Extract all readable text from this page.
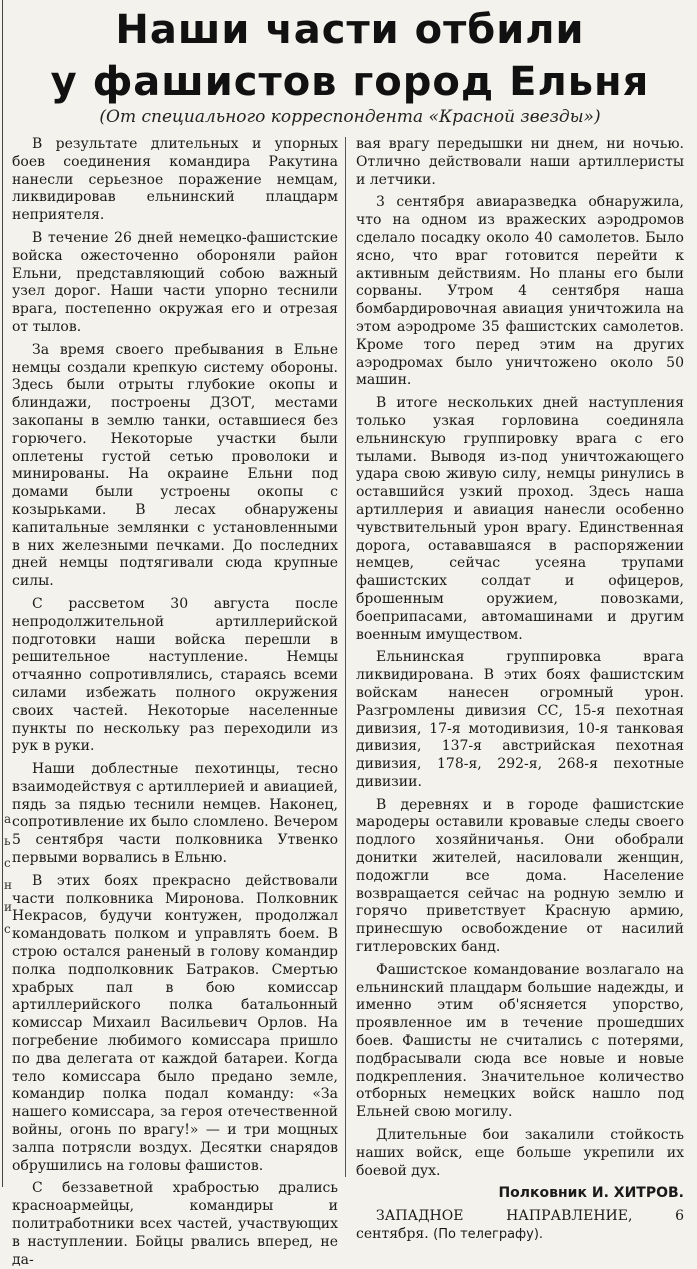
а
ь
с
н
и
с
Наши части отбили
у фашистов город Ельня
(От специального корреспондента «Красной звезды»)

В результате длительных и упорных боев соединения командира Ракутина нанесли серьезное поражение немцам, ликвидировав ельнинский плацдарм неприятеля.

В течение 26 дней немецко-фашистские войска ожесточенно обороняли район Ельни, представляющий собою важный узел дорог. Наши части упорно теснили врага, постепенно окружая его и отрезая от тылов.

За время своего пребывания в Ельне немцы создали крепкую систему обороны. Здесь были отрыты глубокие окопы и блиндажи, построены ДЗОТ, местами закопаны в землю танки, оставшиеся без горючего. Некоторые участки были оплетены густой сетью проволоки и минированы. На окраине Ельни под домами были устроены окопы с козырьками. В лесах обнаружены капитальные землянки с установленными в них железными печками. До последних дней немцы подтягивали сюда крупные силы.

С рассветом 30 августа после непродолжительной артиллерийской подготовки наши войска перешли в решительное наступление. Немцы отчаянно сопротивлялись, стараясь всеми силами избежать полного окружения своих частей. Некоторые населенные пункты по нескольку раз переходили из рук в руки.

Наши доблестные пехотинцы, тесно взаимодействуя с артиллерией и авиацией, пядь за пядью теснили немцев. Наконец, сопротивление их было сломлено. Вечером 5 сентября части полковника Утвенко первыми ворвались в Ельню.

В этих боях прекрасно действовали части полковника Миронова. Полковник Некрасов, будучи контужен, продолжал командовать полком и управлять боем. В строю остался раненый в голову командир полка подполковник Батраков. Смертью храбрых пал в бою комиссар артиллерийского полка батальонный комиссар Михаил Васильевич Орлов. На погребение любимого комиссара пришло по два делегата от каждой батареи. Когда тело комиссара было предано земле, командир полка подал команду: «За нашего комиссара, за героя отечественной войны, огонь по врагу!» — и три мощных залпа потрясли воздух. Десятки снарядов обрушились на головы фашистов.

С беззаветной храбростью дрались красноармейцы, командиры и политработники всех частей, участвующих в наступлении. Бойцы рвались вперед, не да-

вая врагу передышки ни днем, ни ночью. Отлично действовали наши артиллеристы и летчики.

3 сентября авиаразведка обнаружила, что на одном из вражеских аэродромов сделало посадку около 40 самолетов. Было ясно, что враг готовится перейти к активным действиям. Но планы его были сорваны. Утром 4 сентября наша бомбардировочная авиация уничтожила на этом аэродроме 35 фашистских самолетов. Кроме того перед этим на других аэродромах было уничтожено около 50 машин.

В итоге нескольких дней наступления только узкая горловина соединяла ельнинскую группировку врага с его тылами. Выводя из-под уничтожающего удара свою живую силу, немцы ринулись в оставшийся узкий проход. Здесь наша артиллерия и авиация нанесли особенно чувствительный урон врагу. Единственная дорога, остававшаяся в распоряжении немцев, сейчас усеяна трупами фашистских солдат и офицеров, брошенным оружием, повозками, боеприпасами, автомашинами и другим военным имуществом.

Ельнинская группировка врага ликвидирована. В этих боях фашистским войскам нанесен огромный урон. Разгромлены дивизия СС, 15-я пехотная дивизия, 17-я мотодивизия, 10-я танковая дивизия, 137-я австрийская пехотная дивизия, 178-я, 292-я, 268-я пехотные дивизии.

В деревнях и в городе фашистские мародеры оставили кровавые следы своего подлого хозяйничанья. Они обобрали донитки жителей, насиловали женщин, подожгли все дома. Население возвращается сейчас на родную землю и горячо приветствует Красную армию, принесшую освобождение от насилий гитлеровских банд.

Фашистское командование возлагало на ельнинский плацдарм большие надежды, и именно этим об'ясняется упорство, проявленное им в течение прошедших боев. Фашисты не считались с потерями, подбрасывали сюда все новые и новые подкрепления. Значительное количество отборных немецких войск нашло под Ельней свою могилу.

Длительные бои закалили стойкость наших войск, еще больше укрепили их боевой дух.

Полковник И. ХИТРОВ.

ЗАПАДНОЕ НАПРАВЛЕНИЕ, 6 сентября. (По телеграфу).
